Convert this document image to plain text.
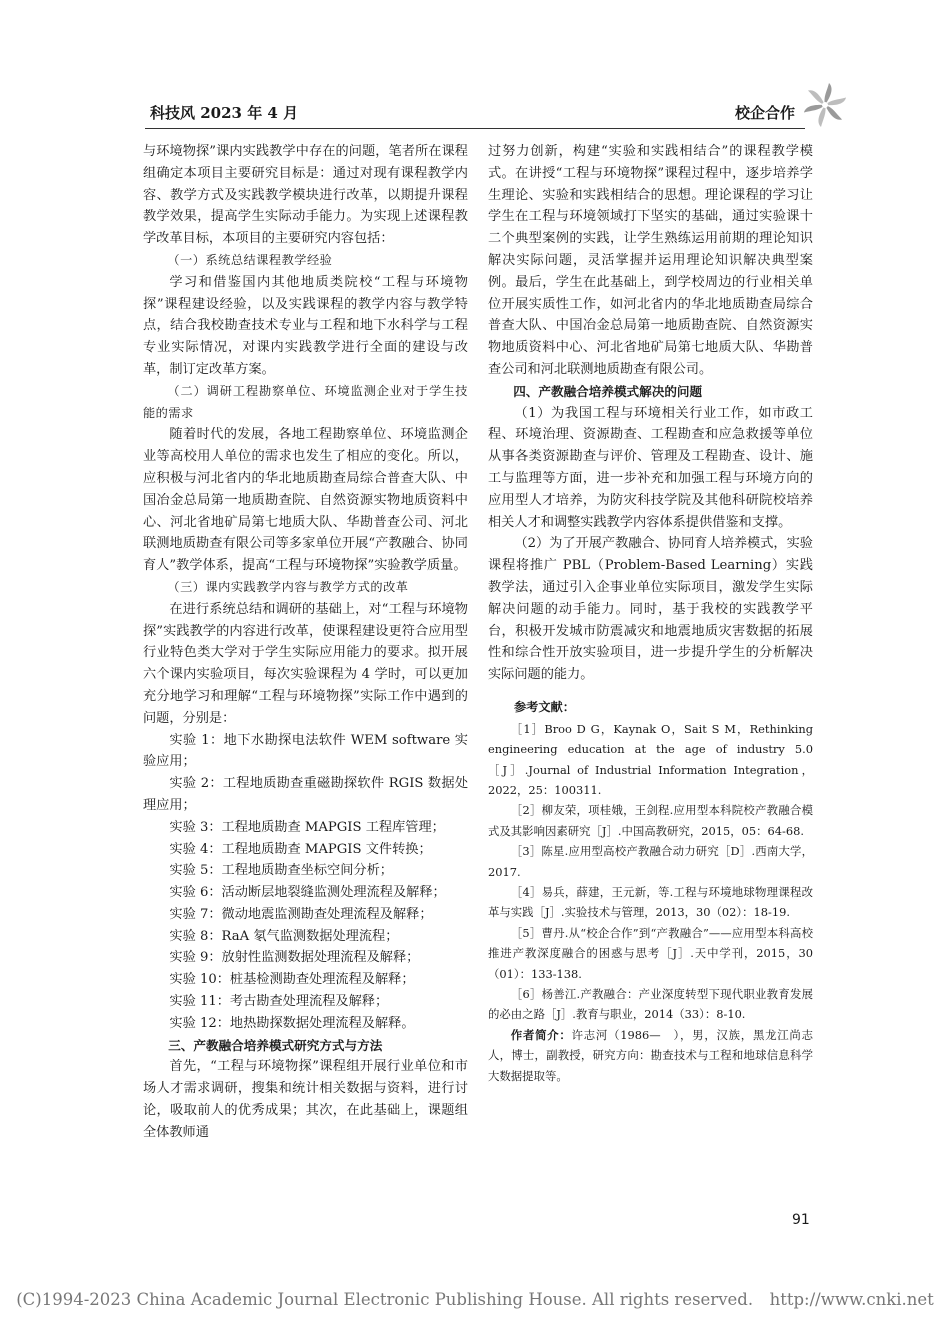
科技风 2023 年 4 月	校企合作

与环境物探”课内实践教学中存在的问题，笔者所在课程组确定本项目主要研究目标是：通过对现有课程教学内容、教学方式及实践教学模块进行改革，以期提升课程教学效果，提高学生实际动手能力。为实现上述课程教学改革目标，本项目的主要研究内容包括：

（一）系统总结课程教学经验

学习和借鉴国内其他地质类院校“工程与环境物探”课程建设经验，以及实践课程的教学内容与教学特点，结合我校勘查技术专业与工程和地下水科学与工程专业实际情况，对课内实践教学进行全面的建设与改革，制订定改革方案。

（二）调研工程勘察单位、环境监测企业对于学生技能的需求

随着时代的发展，各地工程勘察单位、环境监测企业等高校用人单位的需求也发生了相应的变化。所以，应积极与河北省内的华北地质勘查局综合普查大队、中国冶金总局第一地质勘查院、自然资源实物地质资料中心、河北省地矿局第七地质大队、华勘普查公司、河北联测地质勘查有限公司等多家单位开展“产教融合、协同育人”教学体系，提高“工程与环境物探”实验教学质量。

（三）课内实践教学内容与教学方式的改革

在进行系统总结和调研的基础上，对“工程与环境物探”实践教学的内容进行改革，使课程建设更符合应用型行业特色类大学对于学生实际应用能力的要求。拟开展六个课内实验项目，每次实验课程为 4 学时，可以更加充分地学习和理解“工程与环境物探”实际工作中遇到的问题，分别是：

实验 1：地下水勘探电法软件 WEM software 实验应用；

实验 2：工程地质勘查重磁勘探软件 RGIS 数据处理应用；

实验 3：工程地质勘查 MAPGIS 工程库管理；

实验 4：工程地质勘查 MAPGIS 文件转换；

实验 5：工程地质勘查坐标空间分析；

实验 6：活动断层地裂缝监测处理流程及解释；

实验 7：微动地震监测勘查处理流程及解释；

实验 8：RaA 氡气监测数据处理流程；

实验 9：放射性监测数据处理流程及解释；

实验 10：桩基检测勘查处理流程及解释；

实验 11：考古勘查处理流程及解释；

实验 12：地热勘探数据处理流程及解释。

三、产教融合培养模式研究方式与方法

首先，“工程与环境物探”课程组开展行业单位和市场人才需求调研，搜集和统计相关数据与资料，进行讨论，吸取前人的优秀成果；其次，在此基础上，课题组全体教师通

过努力创新，构建“实验和实践相结合”的课程教学模式。在讲授“工程与环境物探”课程过程中，逐步培养学生理论、实验和实践相结合的思想。理论课程的学习让学生在工程与环境领域打下坚实的基础，通过实验课十二个典型案例的实践，让学生熟练运用前期的理论知识解决实际问题，灵活掌握并运用理论知识解决典型案例。最后，学生在此基础上，到学校周边的行业相关单位开展实质性工作，如河北省内的华北地质勘查局综合普查大队、中国冶金总局第一地质勘查院、自然资源实物地质资料中心、河北省地矿局第七地质大队、华勘普查公司和河北联测地质勘查有限公司。

四、产教融合培养模式解决的问题

（1）为我国工程与环境相关行业工作，如市政工程、环境治理、资源勘查、工程勘查和应急救援等单位从事各类资源勘查与评价、管理及工程勘查、设计、施工与监理等方面，进一步补充和加强工程与环境方向的应用型人才培养，为防灾科技学院及其他科研院校培养相关人才和调整实践教学内容体系提供借鉴和支撑。

（2）为了开展产教融合、协同育人培养模式，实验课程将推广 PBL（Problem-Based Learning）实践教学法，通过引入企事业单位实际项目，激发学生实际解决问题的动手能力。同时，基于我校的实践教学平台，积极开发城市防震减灾和地震地质灾害数据的拓展性和综合性开放实验项目，进一步提升学生的分析解决实际问题的能力。

参考文献：

［1］Broo D G，Kaynak O，Sait S M，Rethinking engineering education at the age of industry 5.0［J］.Journal of Industrial Information Integration，2022，25：100311.

［2］柳友荣，项桂娥，王剑程.应用型本科院校产教融合模式及其影响因素研究［J］.中国高教研究，2015，05：64-68.

［3］陈星.应用型高校产教融合动力研究［D］.西南大学，2017.

［4］易兵，薛建，王元新，等.工程与环境地球物理课程改革与实践［J］.实验技术与管理，2013，30（02）：18-19.

［5］曹丹.从“校企合作”到“产教融合”——应用型本科高校推进产教深度融合的困惑与思考［J］.天中学刊，2015，30（01）：133-138.

［6］杨善江.产教融合：产业深度转型下现代职业教育发展的必由之路［J］.教育与职业，2014（33）：8-10.

作者简介：许志河（1986—　），男，汉族，黑龙江尚志人，博士，副教授，研究方向：勘查技术与工程和地球信息科学大数据提取等。

91
(C)1994-2023 China Academic Journal Electronic Publishing House. All rights reserved.　http://www.cnki.net
